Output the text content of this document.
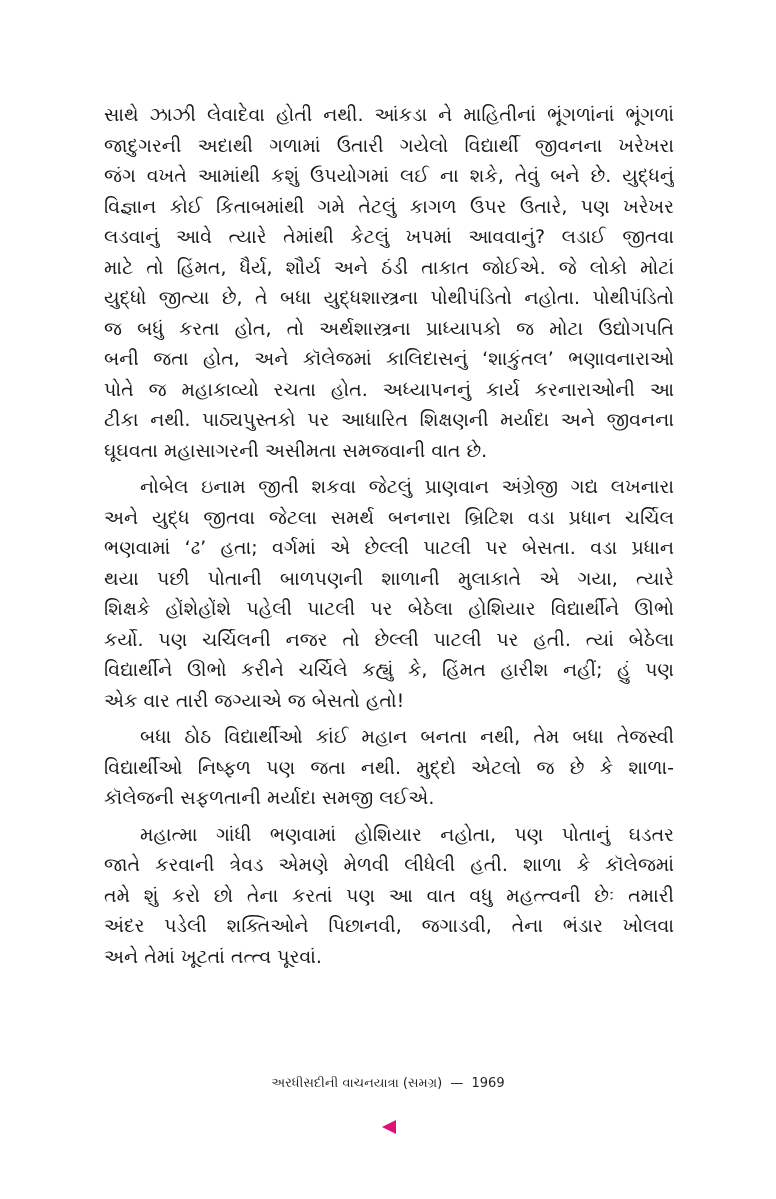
સાથે ઝાઝી લેવાદેવા હોતી નથી. આંકડા ને માહિતીનાં ભૂંગળાંનાં ભૂંગળાં
જાદુગરની અદાથી ગળામાં ઉતારી ગયેલો વિદ્યાર્થી જીવનના ખરેખરા
જંગ વખતે આમાંથી કશું ઉપયોગમાં લઈ ના શકે, તેવું બને છે. યુદ્ધનું
વિજ્ઞાન કોઈ કિતાબમાંથી ગમે તેટલું કાગળ ઉપર ઉતારે, પણ ખરેખર
લડવાનું આવે ત્યારે તેમાંથી કેટલું ખપમાં આવવાનું? લડાઈ જીતવા
માટે તો હિંમત, ધૈર્ય, શૌર્ય અને ઠંડી તાકાત જોઈએ. જે લોકો મોટાં
યુદ્ધો જીત્યા છે, તે બધા યુદ્ધશાસ્ત્રના પોથીપંડિતો નહોતા. પોથીપંડિતો
જ બધું કરતા હોત, તો અર્થશાસ્ત્રના પ્રાધ્યાપકો જ મોટા ઉદ્યોગપતિ
બની જતા હોત, અને કૉલેજમાં કાલિદાસનું ‘શાકુંતલ’ ભણાવનારાઓ
પોતે જ મહાકાવ્યો રચતા હોત. અધ્યાપનનું કાર્ય કરનારાઓની આ
ટીકા નથી. પાઠ્યપુસ્તકો પર આધારિત શિક્ષણની મર્યાદા અને જીવનના
ઘૂઘવતા મહાસાગરની અસીમતા સમજવાની વાત છે.
નોબેલ ઇનામ જીતી શકવા જેટલું પ્રાણવાન અંગ્રેજી ગદ્ય લખનારા
અને યુદ્ધ જીતવા જેટલા સમર્થ બનનારા બ્રિટિશ વડા પ્રધાન ચર્ચિલ
ભણવામાં ‘ઢ’ હતા; વર્ગમાં એ છેલ્લી પાટલી પર બેસતા. વડા પ્રધાન
થયા પછી પોતાની બાળપણની શાળાની મુલાકાતે એ ગયા, ત્યારે
શિક્ષકે હોંશેહોંશે પહેલી પાટલી પર બેઠેલા હોશિયાર વિદ્યાર્થીને ઊભો
કર્યો. પણ ચર્ચિલની નજર તો છેલ્લી પાટલી પર હતી. ત્યાં બેઠેલા
વિદ્યાર્થીને ઊભો કરીને ચર્ચિલે કહ્યું કે, હિંમત હારીશ નહીં; હું પણ
એક વાર તારી જગ્યાએ જ બેસતો હતો!
બધા ઠોઠ વિદ્યાર્થીઓ કાંઈ મહાન બનતા નથી, તેમ બધા તેજસ્વી
વિદ્યાર્થીઓ નિષ્ફળ પણ જતા નથી. મુદ્દો એટલો જ છે કે શાળા-
કૉલેજની સફળતાની મર્યાદા સમજી લઈએ.
મહાત્મા ગાંધી ભણવામાં હોશિયાર નહોતા, પણ પોતાનું ઘડતર
જાતે કરવાની ત્રેવડ એમણે મેળવી લીધેલી હતી. શાળા કે કૉલેજમાં
તમે શું કરો છો તેના કરતાં પણ આ વાત વધુ મહત્ત્વની છેઃ તમારી
અંદર પડેલી શક્તિઓને પિછાનવી, જગાડવી, તેના ભંડાર ખોલવા
અને તેમાં ખૂટતાં તત્ત્વ પૂરવાં.
અરધીસદીની વાચનયાત્રા (સમગ્ર) — 1969
